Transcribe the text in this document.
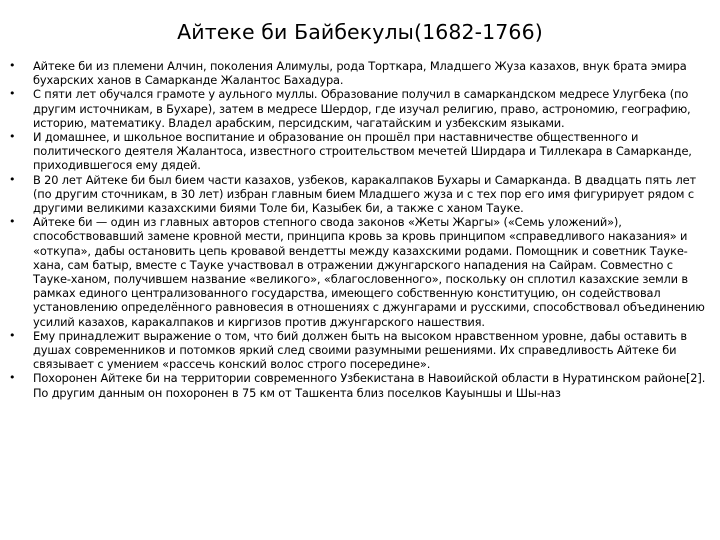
Айтеке би Байбекулы(1682-1766)
• Айтеке би из племени Алчин, поколения Алимулы, рода Торткара, Младшего Жуза казахов, внук брата эмира бухарских ханов в Самарканде Жалантос Бахадура.
• С пяти лет обучался грамоте у аульного муллы. Образование получил в самаркандском медресе Улугбека (по другим источникам, в Бухаре), затем в медресе Шердор, где изучал религию, право, астрономию, географию, историю, математику. Владел арабским, персидским, чагатайским и узбекским языками.
• И домашнее, и школьное воспитание и образование он прошёл при наставничестве общественного и политического деятеля Жалантоса, известного строительством мечетей Ширдара и Тиллекара в Самарканде, приходившегося ему дядей.
• В 20 лет Айтеке би был бием части казахов, узбеков, каракалпаков Бухары и Самарканда. В двадцать пять лет (по другим сточникам, в 30 лет) избран главным бием Младшего жуза и с тех пор его имя фигурирует рядом с другими великими казахскими биями Толе би, Казыбек би, а также с ханом Тауке.
• Айтеке би — один из главных авторов степного свода законов «Жеты Жаргы» («Семь уложений»), способствовавший замене кровной мести, принципа кровь за кровь принципом «справедливого наказания» и «откупа», дабы остановить цепь кровавой вендетты между казахскими родами. Помощник и советник Тауке-хана, сам батыр, вместе с Тауке участвовал в отражении джунгарского нападения на Сайрам. Совместно с Тауке-ханом, получившем название «великого», «благословенного», поскольку он сплотил казахские земли в рамках единого централизованного государства, имеющего собственную конституцию, он содействовал установлению определённого равновесия в отношениях с джунгарами и русскими, способствовал объединению усилий казахов, каракалпаков и киргизов против джунгарского нашествия.
• Ему принадлежит выражение о том, что бий должен быть на высоком нравственном уровне, дабы оставить в душах современников и потомков яркий след своими разумными решениями. Их справедливость Айтеке би связывает с умением «рассечь конский волос строго посередине».
• Похоронен Айтеке би на территории современного Узбекистана в Навоийской области в Нуратинском районе[2]. По другим данным он похоронен в 75 км от Ташкента близ поселков Кауыншы и Шы-наз
